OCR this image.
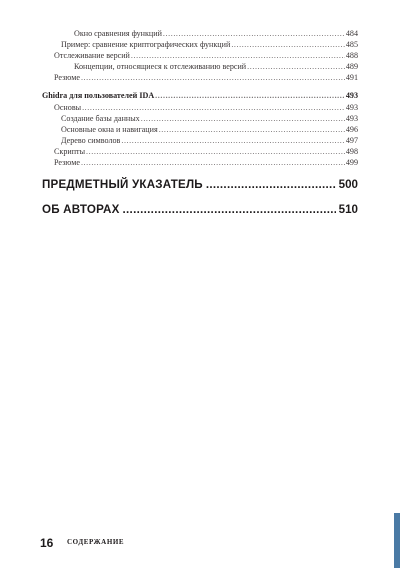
Окно сравнения функций .....	484
Пример: сравнение криптографических функций .....	485
Отслеживание версий .....	488
Концепции, относящиеся к отслеживанию версий .....	489
Резюме .....	491
Ghidra для пользователей IDA .....	493
Основы .....	493
Создание базы данных .....	493
Основные окна и навигация .....	496
Дерево символов .....	497
Скрипты .....	498
Резюме .....	499
ПРЕДМЕТНЫЙ УКАЗАТЕЛЬ .....	500
ОБ АВТОРАХ .....	510
16 СОДЕРЖАНИЕ
